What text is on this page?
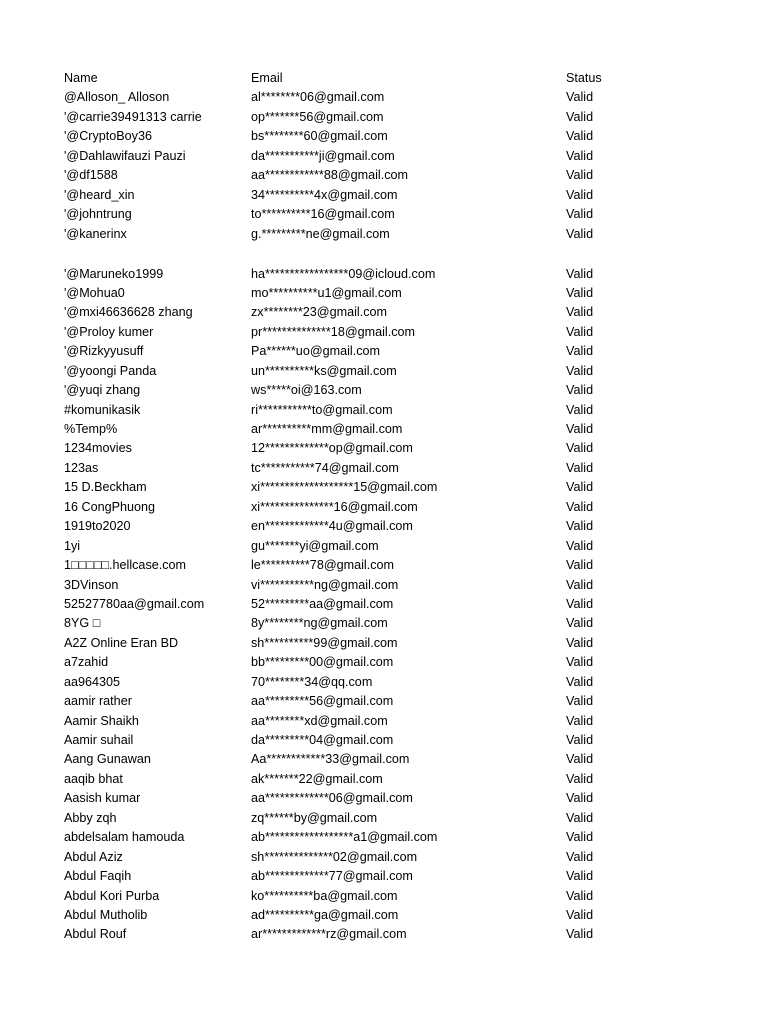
Name	Email	Status
@Alloson_ Alloson	al********06@gmail.com	Valid
'@carrie39491313 carrie	op*******56@gmail.com	Valid
'@CryptoBoy36	bs********60@gmail.com	Valid
'@Dahlawifauzi Pauzi	da***********ji@gmail.com	Valid
'@df1588	aa************88@gmail.com	Valid
'@heard_xin	34**********4x@gmail.com	Valid
'@johntrung	to**********16@gmail.com	Valid
'@kanerinx	g.*********ne@gmail.com	Valid
'@Maruneko1999	ha*****************09@icloud.com	Valid
'@Mohua0	mo**********u1@gmail.com	Valid
'@mxi46636628 zhang	zx********23@gmail.com	Valid
'@Proloy kumer	pr**************18@gmail.com	Valid
'@Rizkyyusuff	Pa******uo@gmail.com	Valid
'@yoongi Panda	un**********ks@gmail.com	Valid
'@yuqi zhang	ws*****oi@163.com	Valid
#komunikasik	ri***********to@gmail.com	Valid
%Temp%	ar**********mm@gmail.com	Valid
1234movies	12*************op@gmail.com	Valid
123as	tc***********74@gmail.com	Valid
15 D.Beckham	xi*******************15@gmail.com	Valid
16 CongPhuong	xi***************16@gmail.com	Valid
1919to2020	en*************4u@gmail.com	Valid
1yi	gu*******yi@gmail.com	Valid
1□□□□□.hellcase.com	le**********78@gmail.com	Valid
3DVinson	vi***********ng@gmail.com	Valid
52527780aa@gmail.com	52*********aa@gmail.com	Valid
8YG □	8y********ng@gmail.com	Valid
A2Z Online Eran BD	sh**********99@gmail.com	Valid
a7zahid	bb*********00@gmail.com	Valid
aa964305	70********34@qq.com	Valid
aamir rather	aa*********56@gmail.com	Valid
Aamir Shaikh	aa********xd@gmail.com	Valid
Aamir suhail	da*********04@gmail.com	Valid
Aang Gunawan	Aa************33@gmail.com	Valid
aaqib bhat	ak*******22@gmail.com	Valid
Aasish kumar	aa*************06@gmail.com	Valid
Abby zqh	zq******by@gmail.com	Valid
abdelsalam hamouda	ab******************a1@gmail.com	Valid
Abdul Aziz	sh**************02@gmail.com	Valid
Abdul Faqih	ab*************77@gmail.com	Valid
Abdul Kori Purba	ko**********ba@gmail.com	Valid
Abdul Mutholib	ad**********ga@gmail.com	Valid
Abdul Rouf	ar*************rz@gmail.com	Valid
